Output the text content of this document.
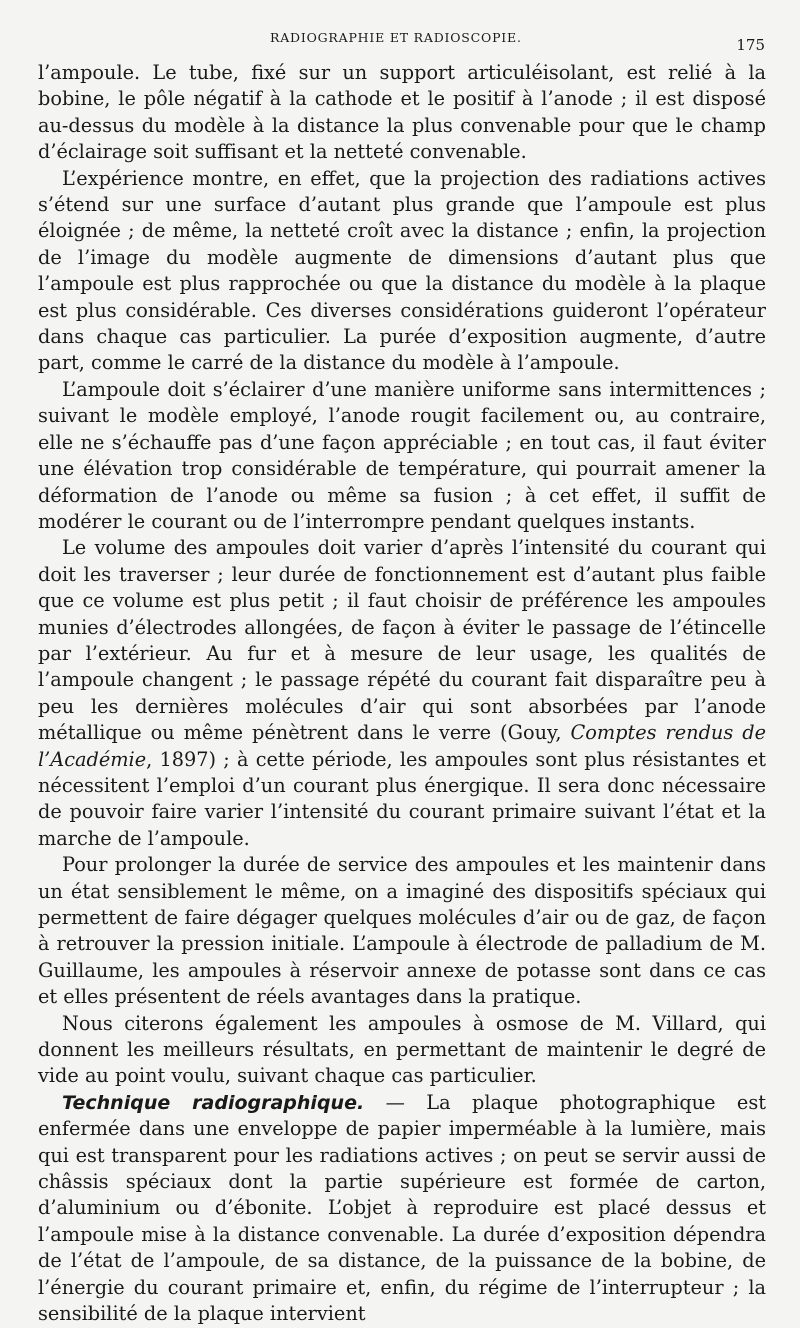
RADIOGRAPHIE ET RADIOSCOPIE.	175

l’ampoule. Le tube, fixé sur un support articuléisolant, est relié à la bobine, le pôle négatif à la cathode et le positif à l’anode ; il est disposé au-dessus du modèle à la distance la plus convenable pour que le champ d’éclairage soit suffisant et la netteté convenable.

L’expérience montre, en effet, que la projection des radiations actives s’étend sur une surface d’autant plus grande que l’ampoule est plus éloignée ; de même, la netteté croît avec la distance ; enfin, la projection de l’image du modèle augmente de dimensions d’autant plus que l’ampoule est plus rapprochée ou que la distance du modèle à la plaque est plus considérable. Ces diverses considérations guideront l’opérateur dans chaque cas particulier. La purée d’exposition augmente, d’autre part, comme le carré de la distance du modèle à l’ampoule.

L’ampoule doit s’éclairer d’une manière uniforme sans intermittences ; suivant le modèle employé, l’anode rougit facilement ou, au contraire, elle ne s’échauffe pas d’une façon appréciable ; en tout cas, il faut éviter une élévation trop considérable de température, qui pourrait amener la déformation de l’anode ou même sa fusion ; à cet effet, il suffit de modérer le courant ou de l’interrompre pendant quelques instants.

Le volume des ampoules doit varier d’après l’intensité du courant qui doit les traverser ; leur durée de fonctionnement est d’autant plus faible que ce volume est plus petit ; il faut choisir de préférence les ampoules munies d’électrodes allongées, de façon à éviter le passage de l’étincelle par l’extérieur. Au fur et à mesure de leur usage, les qualités de l’ampoule changent ; le passage répété du courant fait disparaître peu à peu les dernières molécules d’air qui sont absorbées par l’anode métallique ou même pénètrent dans le verre (Gouy, Comptes rendus de l’Académie, 1897) ; à cette période, les ampoules sont plus résistantes et nécessitent l’emploi d’un courant plus énergique. Il sera donc nécessaire de pouvoir faire varier l’intensité du courant primaire suivant l’état et la marche de l’ampoule.

Pour prolonger la durée de service des ampoules et les maintenir dans un état sensiblement le même, on a imaginé des dispositifs spéciaux qui permettent de faire dégager quelques molécules d’air ou de gaz, de façon à retrouver la pression initiale. L’ampoule à électrode de palladium de M. Guillaume, les ampoules à réservoir annexe de potasse sont dans ce cas et elles présentent de réels avantages dans la pratique.

Nous citerons également les ampoules à osmose de M. Villard, qui donnent les meilleurs résultats, en permettant de maintenir le degré de vide au point voulu, suivant chaque cas particulier.

Technique radiographique. — La plaque photographique est enfermée dans une enveloppe de papier imperméable à la lumière, mais qui est transparent pour les radiations actives ; on peut se servir aussi de châssis spéciaux dont la partie supérieure est formée de carton, d’aluminium ou d’ébonite. L’objet à reproduire est placé dessus et l’ampoule mise à la distance convenable. La durée d’exposition dépendra de l’état de l’ampoule, de sa distance, de la puissance de la bobine, de l’énergie du courant primaire et, enfin, du régime de l’interrupteur ; la sensibilité de la plaque intervient
